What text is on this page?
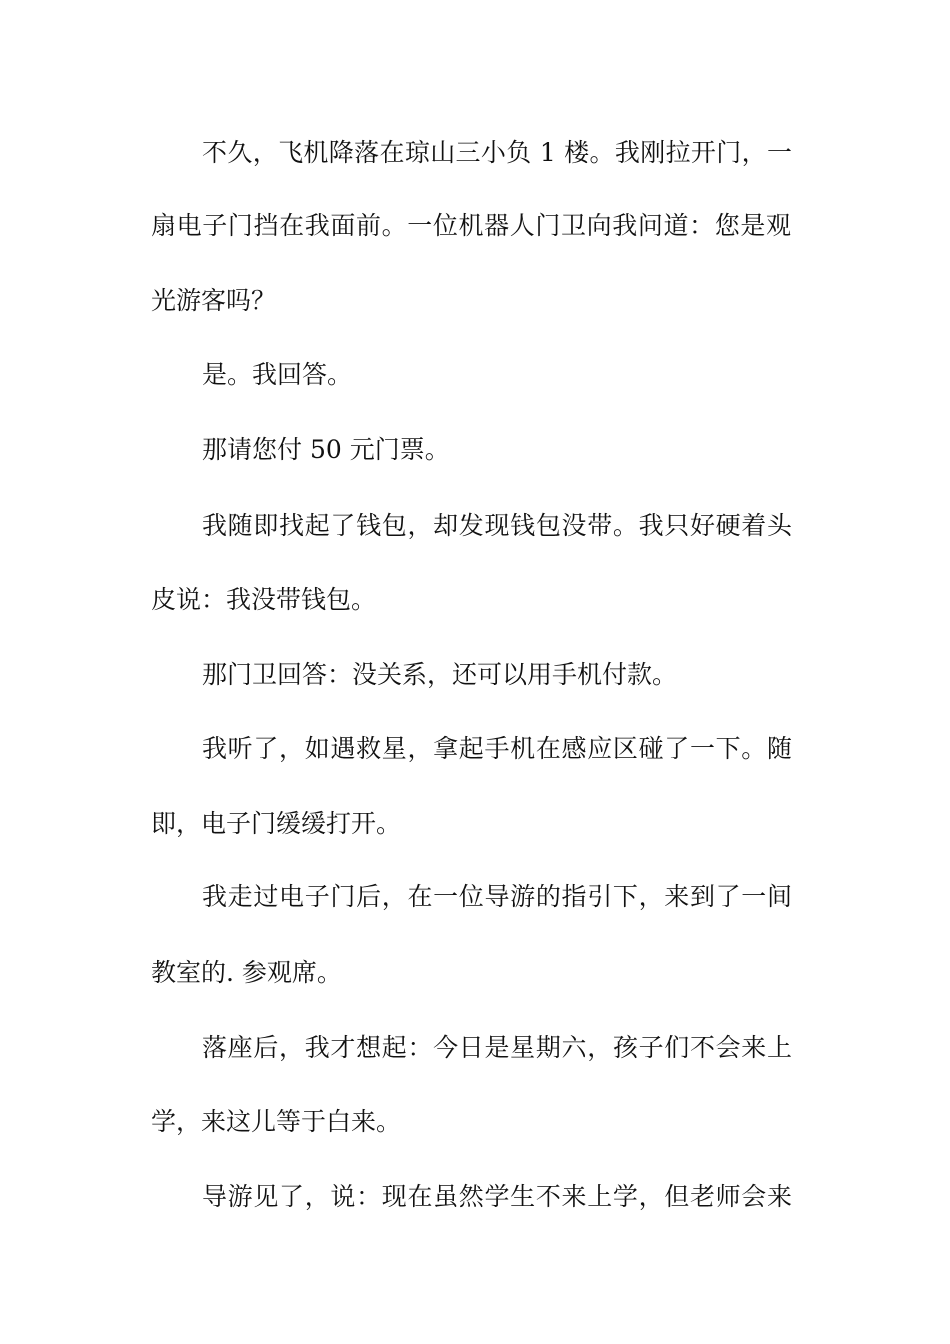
不久，飞机降落在琼山三小负 1 楼。我刚拉开门，一
扇电子门挡在我面前。一位机器人门卫向我问道：您是观
光游客吗？
是。我回答。
那请您付 50 元门票。
我随即找起了钱包，却发现钱包没带。我只好硬着头
皮说：我没带钱包。
那门卫回答：没关系，还可以用手机付款。
我听了，如遇救星，拿起手机在感应区碰了一下。随
即，电子门缓缓打开。
我走过电子门后，在一位导游的指引下，来到了一间
教室的. 参观席。
落座后，我才想起：今日是星期六，孩子们不会来上
学，来这儿等于白来。
导游见了，说：现在虽然学生不来上学，但老师会来
